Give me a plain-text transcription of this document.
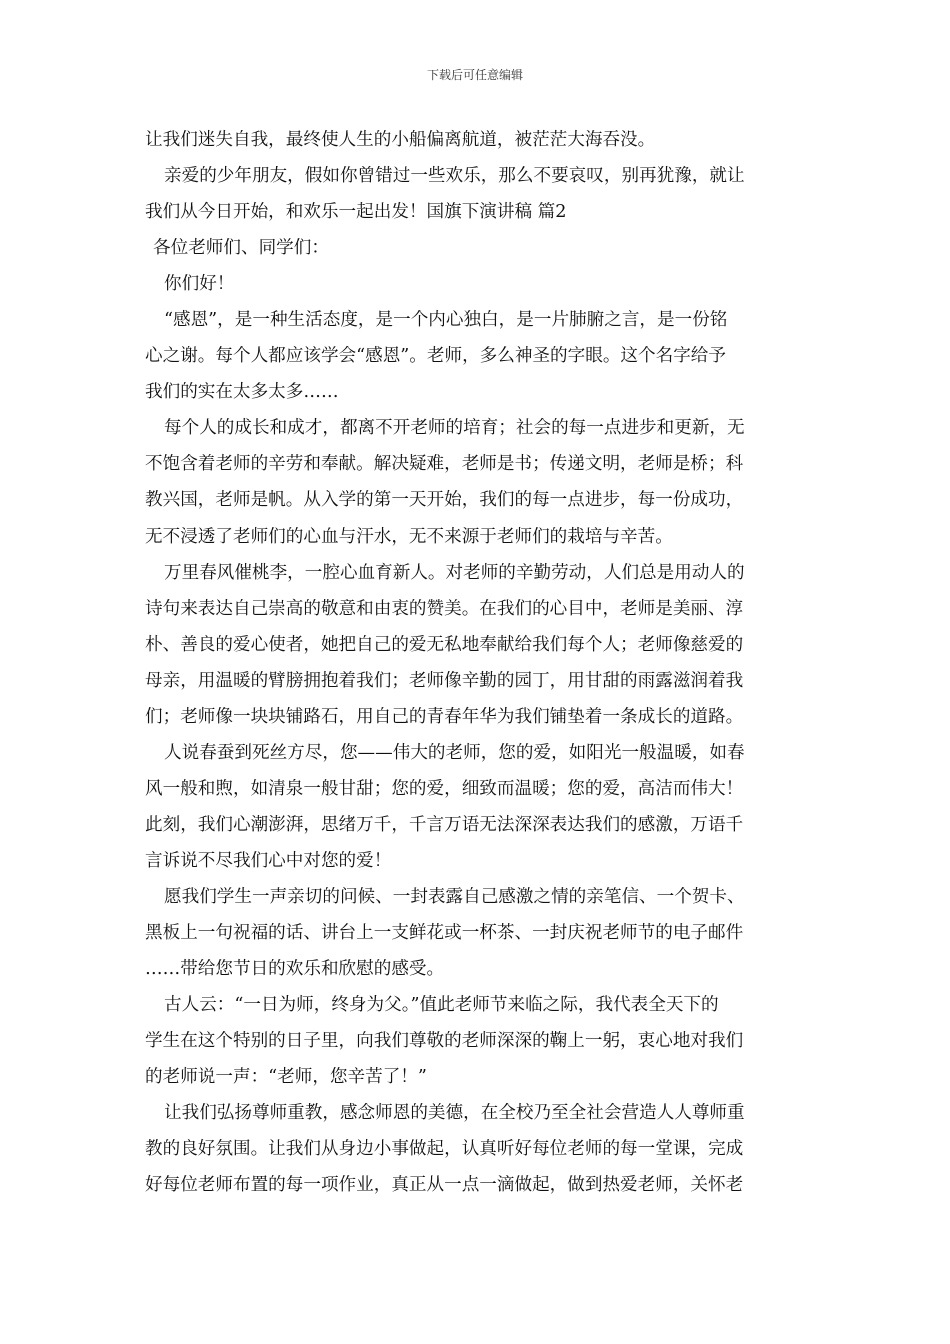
下载后可任意编辑
让我们迷失自我，最终使人生的小船偏离航道，被茫茫大海吞没。
亲爱的少年朋友，假如你曾错过一些欢乐，那么不要哀叹，别再犹豫，就让
我们从今日开始，和欢乐一起出发！国旗下演讲稿 篇2
各位老师们、同学们：
你们好！
“感恩”，是一种生活态度，是一个内心独白，是一片肺腑之言，是一份铭
心之谢。每个人都应该学会“感恩”。老师，多么神圣的字眼。这个名字给予
我们的实在太多太多……
每个人的成长和成才，都离不开老师的培育；社会的每一点进步和更新，无
不饱含着老师的辛劳和奉献。解决疑难，老师是书；传递文明，老师是桥；科
教兴国，老师是帆。从入学的第一天开始，我们的每一点进步，每一份成功，
无不浸透了老师们的心血与汗水，无不来源于老师们的栽培与辛苦。
万里春风催桃李，一腔心血育新人。对老师的辛勤劳动，人们总是用动人的
诗句来表达自己崇高的敬意和由衷的赞美。在我们的心目中，老师是美丽、淳
朴、善良的爱心使者，她把自己的爱无私地奉献给我们每个人；老师像慈爱的
母亲，用温暖的臂膀拥抱着我们；老师像辛勤的园丁，用甘甜的雨露滋润着我
们；老师像一块块铺路石，用自己的青春年华为我们铺垫着一条成长的道路。
人说春蚕到死丝方尽，您——伟大的老师，您的爱，如阳光一般温暖，如春
风一般和煦，如清泉一般甘甜；您的爱，细致而温暖；您的爱，高洁而伟大！
此刻，我们心潮澎湃，思绪万千，千言万语无法深深表达我们的感激，万语千
言诉说不尽我们心中对您的爱！
愿我们学生一声亲切的问候、一封表露自己感激之情的亲笔信、一个贺卡、
黑板上一句祝福的话、讲台上一支鲜花或一杯茶、一封庆祝老师节的电子邮件
……带给您节日的欢乐和欣慰的感受。
古人云：“一日为师，终身为父。”值此老师节来临之际，我代表全天下的
学生在这个特别的日子里，向我们尊敬的老师深深的鞠上一躬，衷心地对我们
的老师说一声：“老师，您辛苦了！”
让我们弘扬尊师重教，感念师恩的美德，在全校乃至全社会营造人人尊师重
教的良好氛围。让我们从身边小事做起，认真听好每位老师的每一堂课，完成
好每位老师布置的每一项作业，真正从一点一滴做起，做到热爱老师，关怀老
